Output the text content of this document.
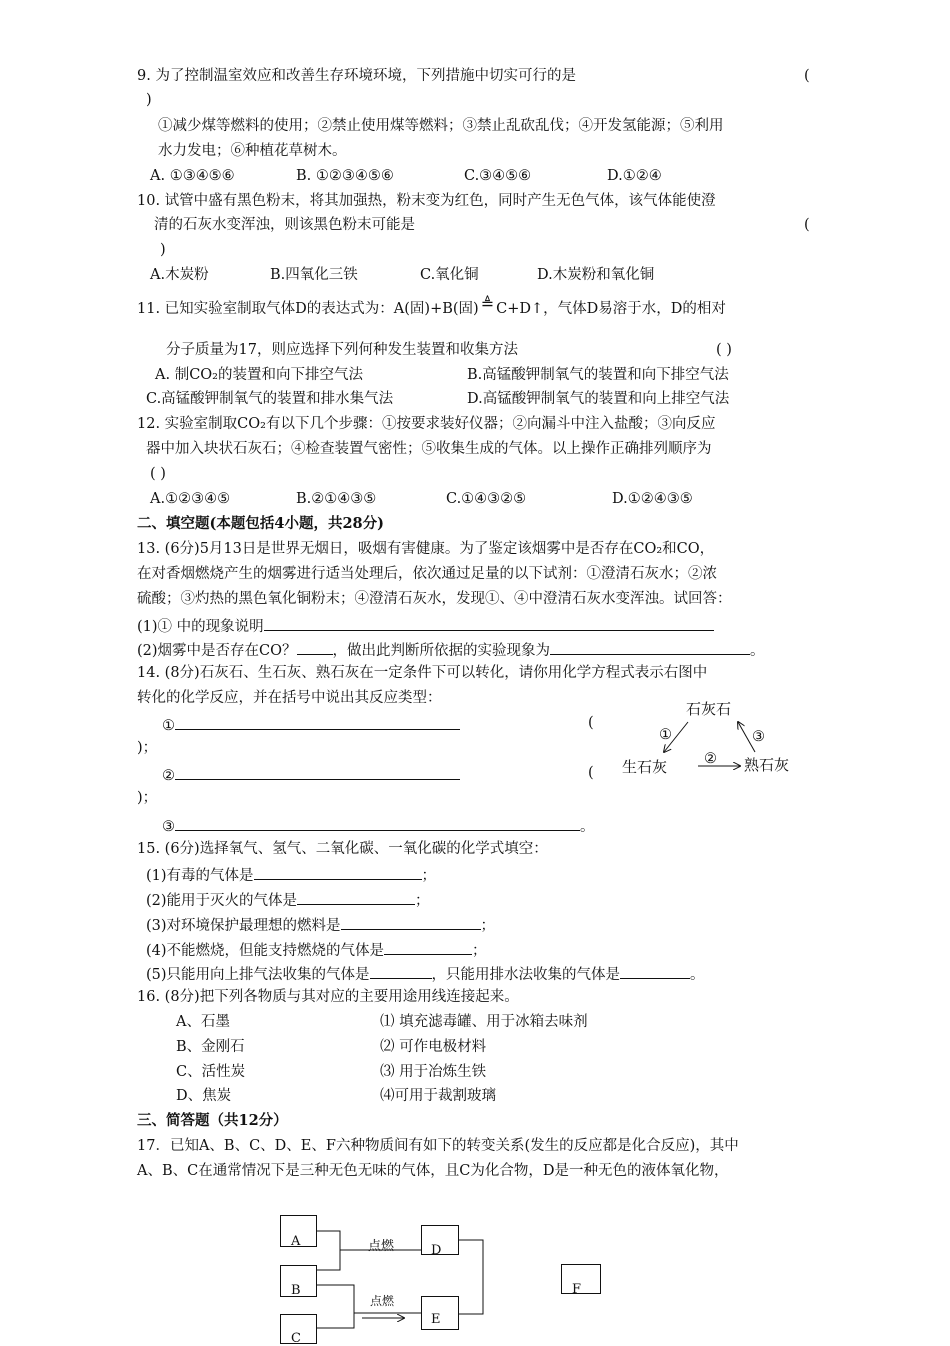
9. 为了控制温室效应和改善生存环境环境，下列措施中切实可行的是	(
)
①减少煤等燃料的使用；②禁止使用煤等燃料；③禁止乱砍乱伐；④开发氢能源；⑤利用
水力发电；⑥种植花草树木。
A. ①③④⑤⑥	B. ①②③④⑤⑥	C.③④⑤⑥	D.①②④
10. 试管中盛有黑色粉末，将其加强热，粉末变为红色，同时产生无色气体，该气体能使澄
清的石灰水变浑浊，则该黑色粉末可能是	(
)
A.木炭粉	B.四氧化三铁	C.氧化铜	D.木炭粉和氧化铜
11. 已知实验室制取气体D的表达式为：A(固)+B(固) ≜ C+D↑，气体D易溶于水，D的相对
分子质量为17，则应选择下列何种发生装置和收集方法	( )
A. 制CO₂的装置和向下排空气法	B.高锰酸钾制氧气的装置和向下排空气法
C.高锰酸钾制氧气的装置和排水集气法	D.高锰酸钾制氧气的装置和向上排空气法
12. 实验室制取CO₂有以下几个步骤：①按要求装好仪器；②向漏斗中注入盐酸；③向反应
器中加入块状石灰石；④检查装置气密性；⑤收集生成的气体。以上操作正确排列顺序为
( )
A.①②③④⑤	B.②①④③⑤	C.①④③②⑤	D.①②④③⑤
二、填空题(本题包括4小题，共28分)
13. (6分)5月13日是世界无烟日，吸烟有害健康。为了鉴定该烟雾中是否存在CO₂和CO，
在对香烟燃烧产生的烟雾进行适当处理后，依次通过足量的以下试剂：①澄清石灰水；②浓
硫酸；③灼热的黑色氧化铜粉末；④澄清石灰水，发现①、④中澄清石灰水变浑浊。试回答：
(1)① 中的现象说明
(2)烟雾中是否存在CO？ ，做出此判断所依据的实验现象为	。
14. (8分)石灰石、生石灰、熟石灰在一定条件下可以转化，请你用化学方程式表示右图中
转化的化学反应，并在括号中说出其反应类型：
①	(
)；
②	(
)；
③	。
石灰石
生石灰	熟石灰
①
②
③
15. (6分)选择氧气、氢气、二氧化碳、一氧化碳的化学式填空：
(1)有毒的气体是	；
(2)能用于灭火的气体是	；
(3)对环境保护最理想的燃料是	；
(4)不能燃烧，但能支持燃烧的气体是	；
(5)只能用向上排气法收集的气体是	，只能用排水法收集的气体是	。
16. (8分)把下列各物质与其对应的主要用途用线连接起来。
A、石墨
B、金刚石
C、活性炭
D、焦炭
⑴ 填充滤毒罐、用于冰箱去味剂
⑵ 可作电极材料
⑶ 用于冶炼生铁
⑷可用于裁割玻璃
三、简答题（共12分）
17．已知A、B、C、D、E、F六种物质间有如下的转变关系(发生的反应都是化合反应)，其中
A、B、C在通常情况下是三种无色无味的气体，且C为化合物，D是一种无色的液体氧化物，
A
B
C
D
E
F
点燃
点燃
